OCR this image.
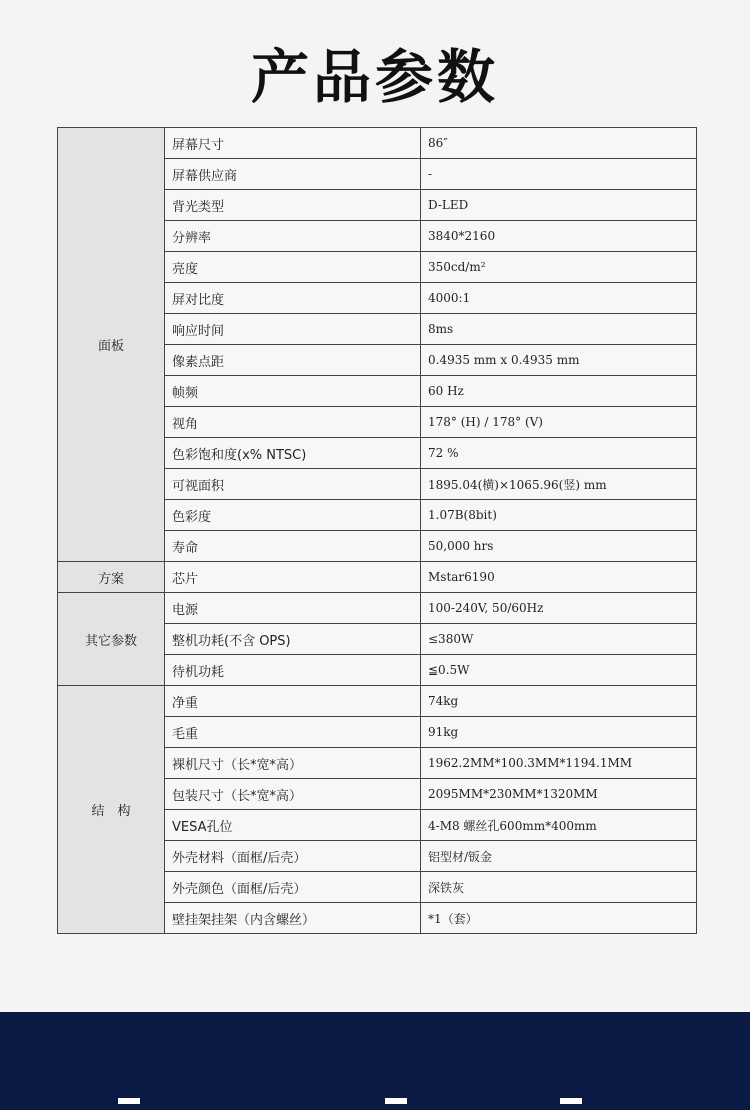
产品参数
面板	屏幕尺寸	86″
	屏幕供应商	-
	背光类型	D-LED
	分辨率	3840*2160
	亮度	350cd/m²
	屏对比度	4000:1
	响应时间	8ms
	像素点距	0.4935 mm x 0.4935 mm
	帧频	60 Hz
	视角	178° (H) / 178° (V)
	色彩饱和度(x% NTSC)	72 %
	可视面积	1895.04(横)×1065.96(竖) mm
	色彩度	1.07B(8bit)
	寿命	50,000 hrs
方案	芯片	Mstar6190
其它参数	电源	100-240V, 50/60Hz
	整机功耗(不含 OPS)	≤380W
	待机功耗	≦0.5W
结　构	净重	74kg
	毛重	91kg
	裸机尺寸（长*宽*高）	1962.2MM*100.3MM*1194.1MM
	包装尺寸（长*宽*高）	2095MM*230MM*1320MM
	VESA孔位	4-M8 螺丝孔600mm*400mm
	外壳材料（面框/后壳）	铝型材/钣金
	外壳颜色（面框/后壳）	深铁灰
	壁挂架挂架（内含螺丝）	*1（套）
